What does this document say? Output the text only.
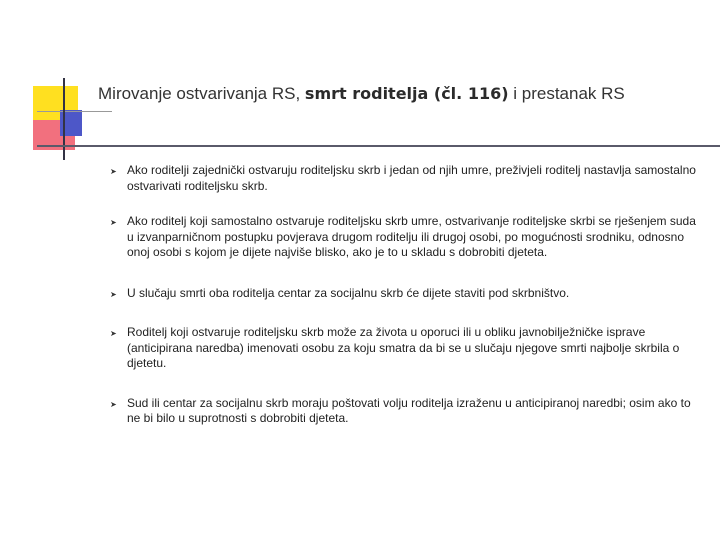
Mirovanje ostvarivanja RS, smrt roditelja (čl. 116) i prestanak RS
➤ Ako roditelji zajednički ostvaruju roditeljsku skrb i jedan od njih umre, preživjeli roditelj nastavlja samostalno ostvarivati roditeljsku skrb.
➤ Ako roditelj koji samostalno ostvaruje roditeljsku skrb umre, ostvarivanje roditeljske skrbi se rješenjem suda u izvanparničnom postupku povjerava drugom roditelju ili drugoj osobi, po mogućnosti srodniku, odnosno onoj osobi s kojom je dijete najviše blisko, ako je to u skladu s dobrobiti djeteta.
➤ U slučaju smrti oba roditelja centar za socijalnu skrb će dijete staviti pod skrbništvo.
➤ Roditelj koji ostvaruje roditeljsku skrb može za života u oporuci ili u obliku javnobilježničke isprave (anticipirana naredba) imenovati osobu za koju smatra da bi se u slučaju njegove smrti najbolje skrbila o djetetu.
➤ Sud ili centar za socijalnu skrb moraju poštovati volju roditelja izraženu u anticipiranoj naredbi; osim ako to ne bi bilo u suprotnosti s dobrobiti djeteta.
